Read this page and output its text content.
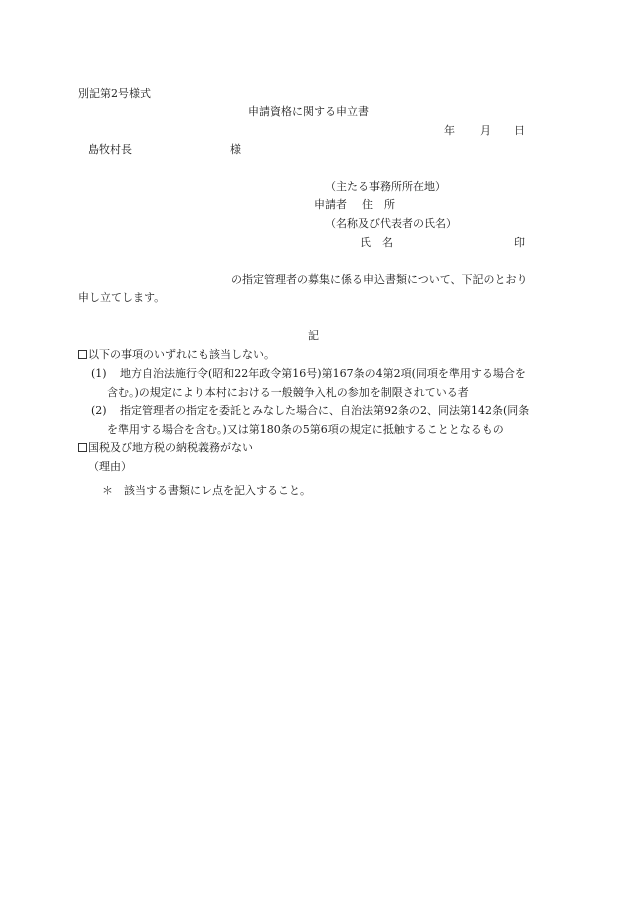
別記第2号様式
申請資格に関する申立書
年 月 日
島牧村長	様
（主たる事務所所在地）
申請者 住　所
（名称及び代表者の氏名）
氏　名	印
の指定管理者の募集に係る申込書類について、下記のとおり
申し立てします。
記
以下の事項のいずれにも該当しない。
(1) 地方自治法施行令(昭和22年政令第16号)第167条の4第2項(同項を準用する場合を
含む。)の規定により本村における一般競争入札の参加を制限されている者
(2) 指定管理者の指定を委託とみなした場合に、自治法第92条の2、同法第142条(同条
を準用する場合を含む。)又は第180条の5第6項の規定に抵触することとなるもの
国税及び地方税の納税義務がない
（理由）
＊ 該当する書類にレ点を記入すること。
